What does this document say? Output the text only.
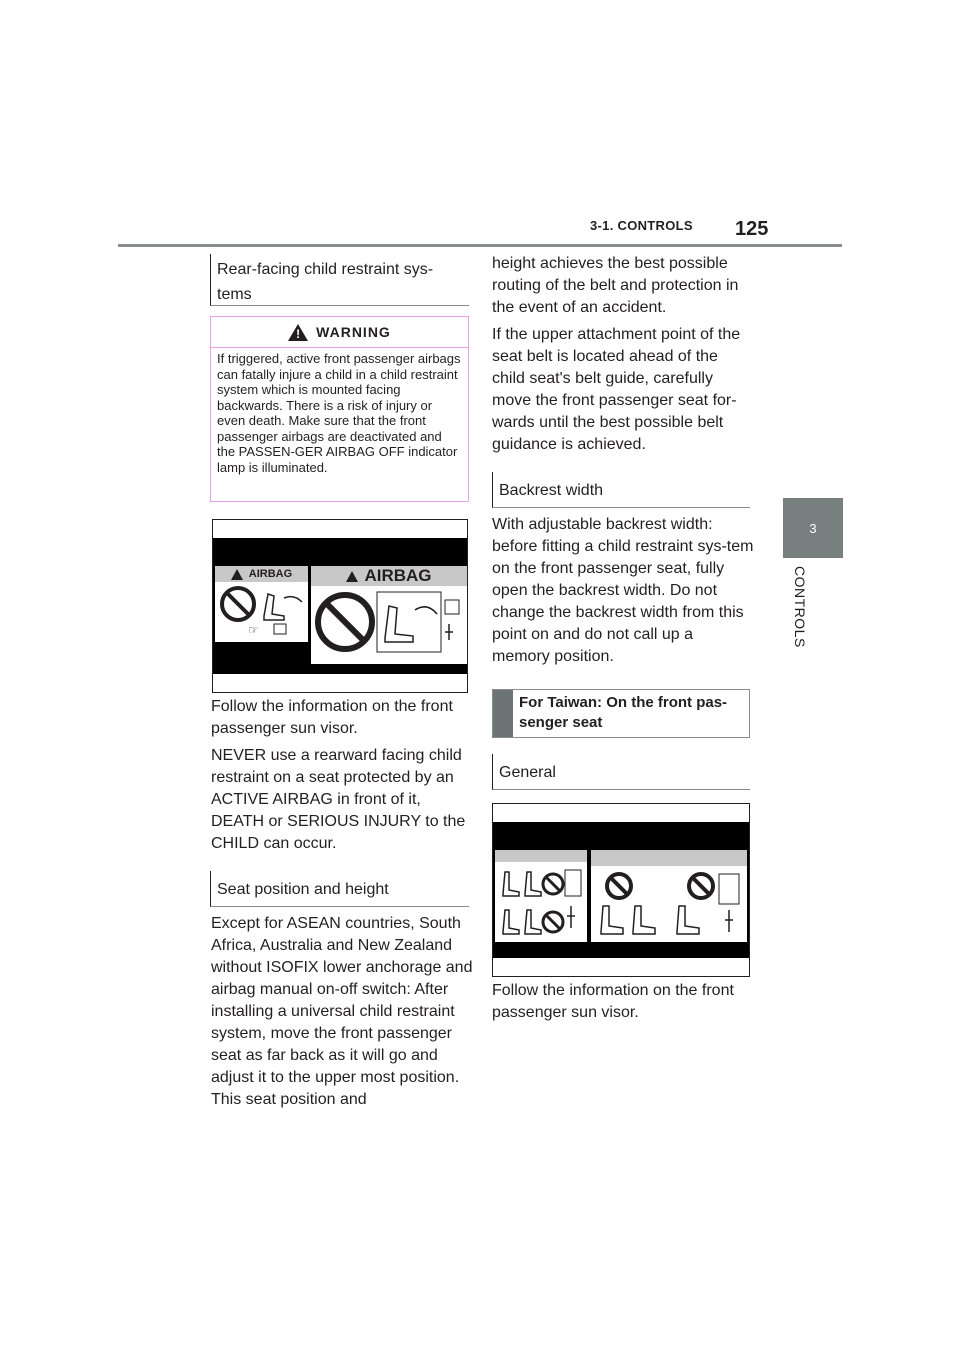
3-1. CONTROLS 125
3
CONTROLS
Rear-facing child restraint sys-
tems
!
WARNING
If triggered, active front passenger airbags can fatally injure a child in a child restraint system which is mounted facing backwards. There is a risk of injury or even death. Make sure that the front passenger airbags are deactivated and the PASSEN-GER AIRBAG OFF indicator lamp is illuminated.
AIRBAG
☞
AIRBAG

Follow the information on the front passenger sun visor.

NEVER use a rearward facing child restraint on a seat protected by an ACTIVE AIRBAG in front of it, DEATH or SERIOUS INJURY to the CHILD can occur.

Seat position and height

Except for ASEAN countries, South Africa, Australia and New Zealand without ISOFIX lower anchorage and airbag manual on-off switch: After installing a universal child restraint system, move the front passenger seat as far back as it will go and adjust it to the upper most position. This seat position and

height achieves the best possible routing of the belt and protection in the event of an accident.

If the upper attachment point of the seat belt is located ahead of the child seat's belt guide, carefully move the front passenger seat for-wards until the best possible belt guidance is achieved.

Backrest width

With adjustable backrest width: before fitting a child restraint sys-tem on the front passenger seat, fully open the backrest width. Do not change the backrest width from this point on and do not call up a memory position.

For Taiwan: On the front pas-
senger seat
General

Follow the information on the front passenger sun visor.
